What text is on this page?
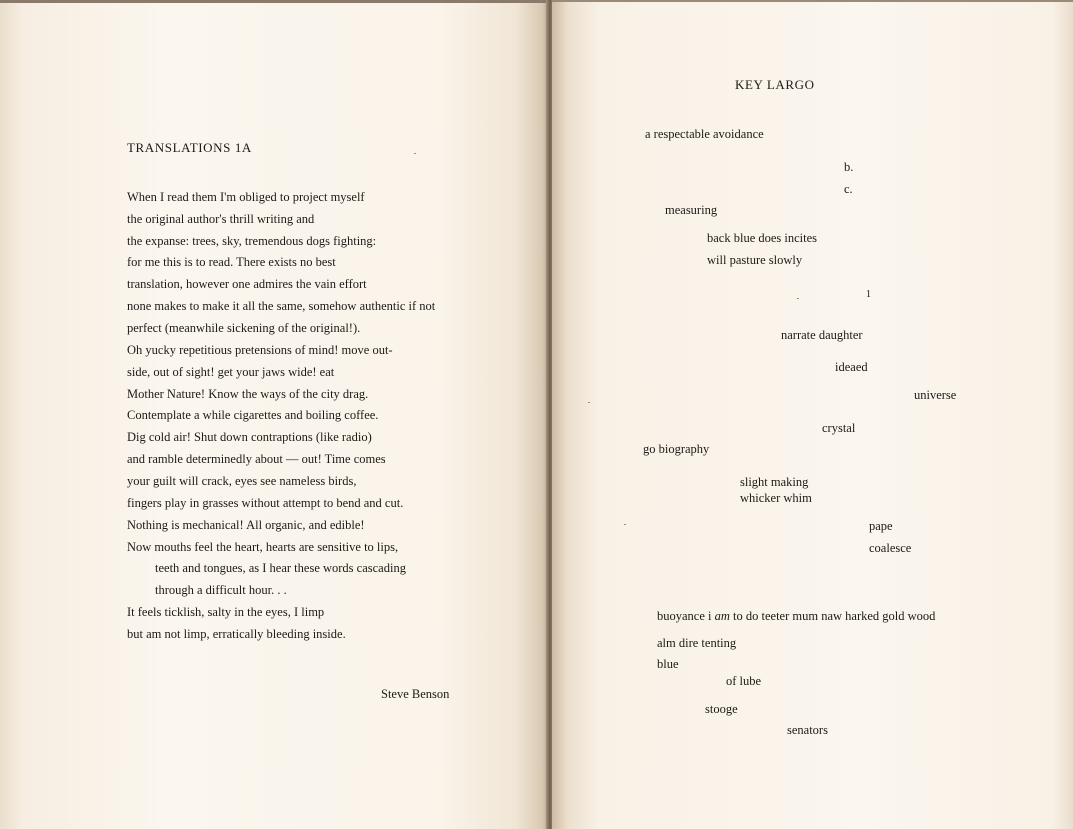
TRANSLATIONS 1A
When I read them I'm obliged to project myself
the original author's thrill writing and
the expanse: trees, sky, tremendous dogs fighting:
for me this is to read. There exists no best
translation, however one admires the vain effort
none makes to make it all the same, somehow authentic if not
perfect (meanwhile sickening of the original!).
Oh yucky repetitious pretensions of mind! move out-
side, out of sight! get your jaws wide! eat
Mother Nature! Know the ways of the city drag.
Contemplate a while cigarettes and boiling coffee.
Dig cold air! Shut down contraptions (like radio)
and ramble determinedly about — out! Time comes
your guilt will crack, eyes see nameless birds,
fingers play in grasses without attempt to bend and cut.
Nothing is mechanical! All organic, and edible!
Now mouths feel the heart, hearts are sensitive to lips,
teeth and tongues, as I hear these words cascading
through a difficult hour. . .
It feels ticklish, salty in the eyes, I limp
but am not limp, erratically bleeding inside.
Steve Benson
KEY LARGO
a respectable avoidance
b.
c.
measuring
back blue does incites
will pasture slowly
1
narrate daughter
ideaed
universe
crystal
go biography
slight making
whicker whim
pape
coalesce
buoyance i am to do teeter mum naw harked gold wood
alm dire tenting
blue
of lube
stooge
senators
